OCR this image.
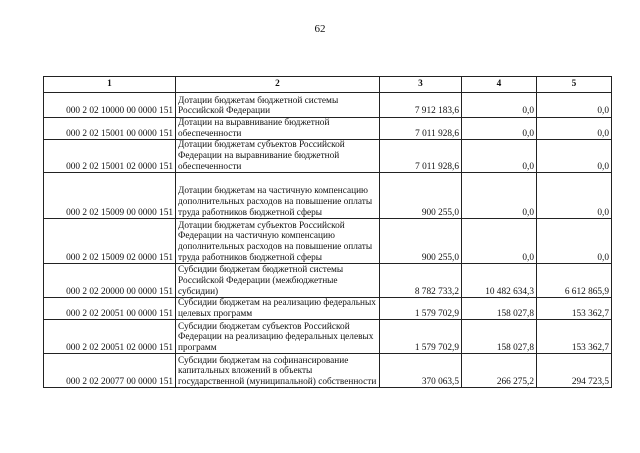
62
1	2	3	4	5
000 2 02 10000 00 0000 151	Дотации бюджетам бюджетной системы Российской Федерации	7 912 183,6	0,0	0,0
000 2 02 15001 00 0000 151	Дотации на выравнивание бюджетной обеспеченности	7 011 928,6	0,0	0,0
000 2 02 15001 02 0000 151	Дотации бюджетам субъектов Российской Федерации на выравнивание бюджетной обеспеченности	7 011 928,6	0,0	0,0
000 2 02 15009 00 0000 151	Дотации бюджетам на частичную компенсацию дополнительных расходов на повышение оплаты труда работников бюджетной сферы	900 255,0	0,0	0,0
000 2 02 15009 02 0000 151	Дотации бюджетам субъектов Российской Федерации на частичную компенсацию дополнительных расходов на повышение оплаты труда работников бюджетной сферы	900 255,0	0,0	0,0
000 2 02 20000 00 0000 151	Субсидии бюджетам бюджетной системы Российской Федерации (межбюджетные субсидии)	8 782 733,2	10 482 634,3	6 612 865,9
000 2 02 20051 00 0000 151	Субсидии бюджетам на реализацию федеральных целевых программ	1 579 702,9	158 027,8	153 362,7
000 2 02 20051 02 0000 151	Субсидии бюджетам субъектов Российской Федерации на реализацию федеральных целевых программ	1 579 702,9	158 027,8	153 362,7
000 2 02 20077 00 0000 151	Субсидии бюджетам на софинансирование капитальных вложений в объекты государственной (муниципальной) собственности	370 063,5	266 275,2	294 723,5
